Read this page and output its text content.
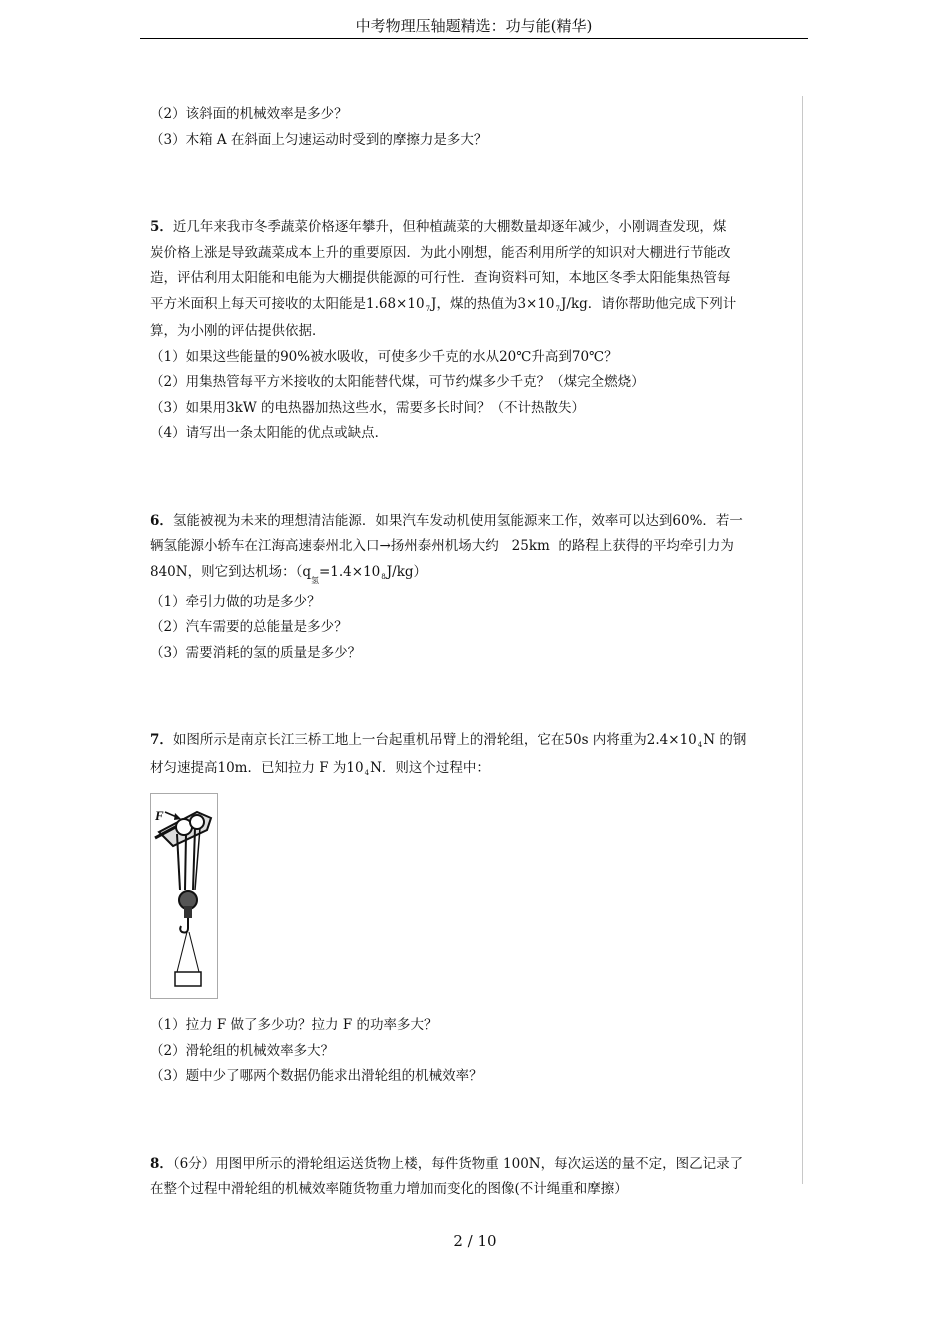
中考物理压轴题精选：功与能(精华)
（2）该斜面的机械效率是多少？
（3）木箱 A 在斜面上匀速运动时受到的摩擦力是多大？
5．近几年来我市冬季蔬菜价格逐年攀升，但种植蔬菜的大棚数量却逐年减少，小刚调查发现，煤
炭价格上涨是导致蔬菜成本上升的重要原因．为此小刚想，能否利用所学的知识对大棚进行节能改
造，评估利用太阳能和电能为大棚提供能源的可行性．查询资料可知，本地区冬季太阳能集热管每
平方米面积上每天可接收的太阳能是$1.68\times 10^7J$，煤的热值为$3\times 10^7J/kg$．请你帮助他完成下列计
算，为小刚的评估提供依据．
（1）如果这些能量的90%被水吸收，可使多少千克的水从20℃升高到70℃？
（2）用集热管每平方米接收的太阳能替代煤，可节约煤多少千克？（煤完全燃烧）
（3）如果用3kW 的电热器加热这些水，需要多长时间？（不计热散失）
（4）请写出一条太阳能的优点或缺点．
6．氢能被视为未来的理想清洁能源．如果汽车发动机使用氢能源来工作，效率可以达到60%．若一
辆氢能源小轿车在江海高速泰州北入口→扬州泰州机场大约   25km  的路程上获得的平均牵引力为
840N，则它到达机场：$(q_氢=1.4\times 10^8J/kg)$
（1）牵引力做的功是多少？
（2）汽车需要的总能量是多少？
（3）需要消耗的氢的质量是多少？
7．如图所示是南京长江三桥工地上一台起重机吊臂上的滑轮组，它在50s 内将重为$2.4\times 10^4N$ 的钢
材匀速提高10m．已知拉力 F 为$10^4N$．则这个过程中：
F
（1）拉力 F 做了多少功？拉力 F 的功率多大？
（2）滑轮组的机械效率多大？
（3）题中少了哪两个数据仍能求出滑轮组的机械效率？
8．（6分）用图甲所示的滑轮组运送货物上楼，每件货物重 100N，每次运送的量不定，图乙记录了
在整个过程中滑轮组的机械效率随货物重力增加而变化的图像(不计绳重和摩擦）
2 / 10
